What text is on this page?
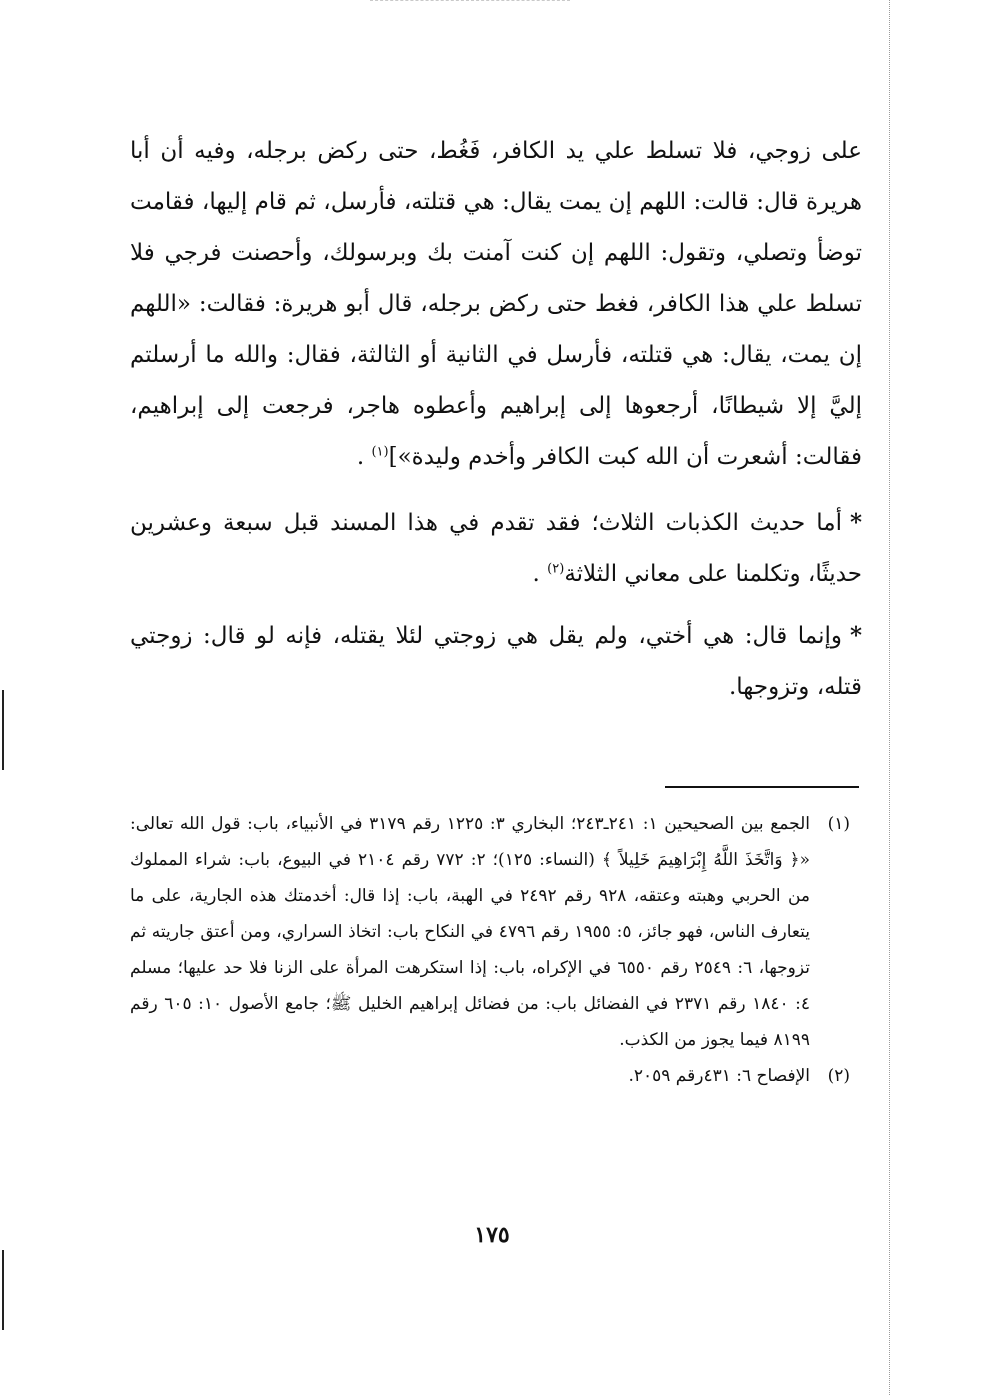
على زوجي، فلا تسلط علي يد الكافر، فَغُط، حتى ركض برجله، وفيه أن أبا هريرة قال: قالت: اللهم إن يمت يقال: هي قتلته، فأرسل، ثم قام إليها، فقامت توضأ وتصلي، وتقول: اللهم إن كنت آمنت بك وبرسولك، وأحصنت فرجي فلا تسلط علي هذا الكافر، فغط حتى ركض برجله، قال أبو هريرة: فقالت: «اللهم إن يمت، يقال: هي قتلته، فأرسل في الثانية أو الثالثة، فقال: والله ما أرسلتم إليَّ إلا شيطانًا، أرجعوها إلى إبراهيم وأعطوه هاجر، فرجعت إلى إبراهيم، فقالت: أشعرت أن الله كبت الكافر وأخدم وليدة»]$^{(١)}$ .

*أما حديث الكذبات الثلاث؛ فقد تقدم في هذا المسند قبل سبعة وعشرين حديثًا، وتكلمنا على معاني الثلاثة$^{(٢)}$ .

*وإنما قال: هي أختي، ولم يقل هي زوجتي لئلا يقتله، فإنه لو قال: زوجتي قتله، وتزوجها.

(١)
الجمع بين الصحيحين ١: ٢٤١ـ٢٤٣؛ البخاري ٣: ١٢٢٥ رقم ٣١٧٩ في الأنبياء، باب: قول الله تعالى: «﴿ وَاتَّخَذَ اللَّهُ إِبْرَاهِيمَ خَلِيلاً ﴾ (النساء: ١٢٥)؛ ٢: ٧٧٢ رقم ٢١٠٤ في البيوع، باب: شراء المملوك من الحربي وهبته وعتقه، ٩٢٨ رقم ٢٤٩٢ في الهبة، باب: إذا قال: أخدمتك هذه الجارية، على ما يتعارف الناس، فهو جائز، ٥: ١٩٥٥ رقم ٤٧٩٦ في النكاح باب: اتخاذ السراري، ومن أعتق جاريته ثم تزوجها، ٦: ٢٥٤٩ رقم ٦٥٥٠ في الإكراه، باب: إذا استكرهت المرأة على الزنا فلا حد عليها؛ مسلم ٤: ١٨٤٠ رقم ٢٣٧١ في الفضائل باب: من فضائل إبراهيم الخليل ﷺ؛ جامع الأصول ١٠: ٦٠٥ رقم ٨١٩٩ فيما يجوز من الكذب.
(٢)
الإفصاح ٦: ٤٣١رقم ٢٠٥٩.
١٧٥
